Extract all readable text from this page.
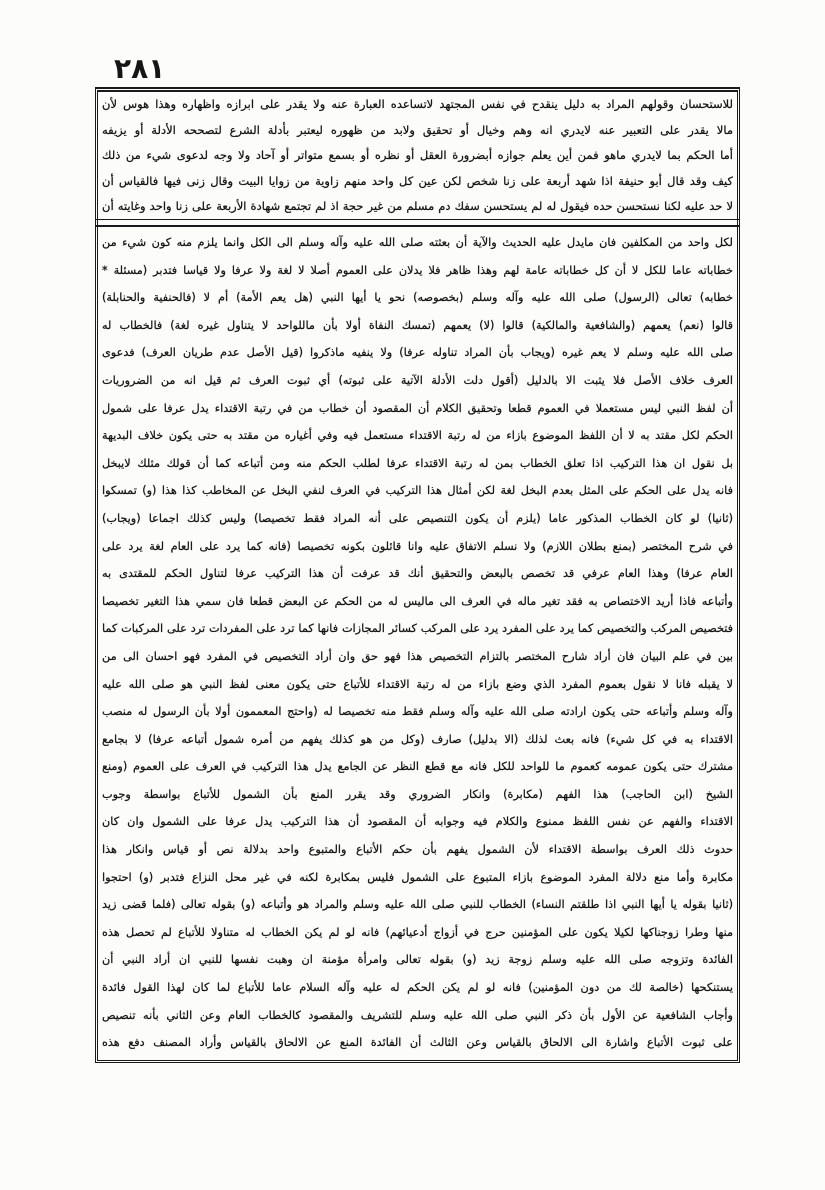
٢٨١
للاستحسان وقولهم المراد به دليل ينقدح في نفس المجتهد لاتساعده العبارة عنه ولا يقدر على ابرازه واظهاره وهذا هوس لأن
مالا يقدر على التعبير عنه لايدري انه وهم وخيال أو تحقيق ولابد من ظهوره ليعتبر بأدلة الشرع لتصححه الأدلة أو يزيفه
أما الحكم بما لايدري ماهو فمن أين يعلم جوازه أبضرورة العقل أو نظره أو بسمع متواتر أو آحاد ولا وجه لدعوى شيء من ذلك
كيف وقد قال أبو حنيفة اذا شهد أربعة على زنا شخص لكن عين كل واحد منهم زاوية من زوايا البيت وقال زنى فيها فالقياس أن
لا حد عليه لكنا نستحسن حده فيقول له لم يستحسن سفك دم مسلم من غير حجة اذ لم تجتمع شهادة الأربعة على زنا واحد وغايته أن
لكل واحد من المكلفين فان مايدل عليه الحديث والآية أن بعثته صلى الله عليه وآله وسلم الى الكل وانما يلزم منه كون شيء من
خطاباته عاما للكل لا أن كل خطاباته عامة لهم وهذا ظاهر فلا يدلان على العموم أصلا لا لغة ولا عرفا ولا قياسا فتدبر (مسئلة *
خطابه) تعالى (الرسول) صلى الله عليه وآله وسلم (بخصوصه) نحو يا أيها النبي (هل يعم الأمة) أم لا (فالحنفية والحنابلة)
قالوا (نعم) يعمهم (والشافعية والمالكية) قالوا (لا) يعمهم (تمسك النفاة أولا بأن ماللواحد لا يتناول غيره لغة) فالخطاب له
صلى الله عليه وسلم لا يعم غيره (ويجاب بأن المراد تناوله عرفا) ولا ينفيه ماذكروا (قيل الأصل عدم طريان العرف) فدعوى
العرف خلاف الأصل فلا يثبت الا بالدليل (أقول دلت الأدلة الآتية على ثبوته) أي ثبوت العرف ثم قيل انه من الضروريات
أن لفظ النبي ليس مستعملا في العموم قطعا وتحقيق الكلام أن المقصود أن خطاب من في رتبة الاقتداء يدل عرفا على شمول
الحكم لكل مقتد به لا أن اللفظ الموضوع بازاء من له رتبة الاقتداء مستعمل فيه وفي أغياره من مقتد به حتى يكون خلاف البديهة
بل نقول ان هذا التركيب اذا تعلق الخطاب بمن له رتبة الاقتداء عرفا لطلب الحكم منه ومن أتباعه كما أن قولك مثلك لايبخل
فانه يدل على الحكم على المثل بعدم البخل لغة لكن أمثال هذا التركيب في العرف لنفي البخل عن المخاطب كذا هذا (و) تمسكوا
(ثانيا) لو كان الخطاب المذكور عاما (يلزم أن يكون التنصيص على أنه المراد فقط تخصيصا) وليس كذلك اجماعا (ويجاب)
في شرح المختصر (بمنع بطلان اللازم) ولا نسلم الاتفاق عليه وانا قائلون بكونه تخصيصا (فانه كما يرد على العام لغة يرد على
العام عرفا) وهذا العام عرفي قد تخصص بالبعض والتحقيق أنك قد عرفت أن هذا التركيب عرفا لتناول الحكم للمقتدى به
وأتباعه فاذا أريد الاختصاص به فقد تغير ماله في العرف الى ماليس له من الحكم عن البعض قطعا فان سمي هذا التغير تخصيصا
فتخصيص المركب والتخصيص كما يرد على المفرد يرد على المركب كسائر المجازات فانها كما ترد على المفردات ترد على المركبات كما
بين في علم البيان فان أراد شارح المختصر بالتزام التخصيص هذا فهو حق وان أراد التخصيص في المفرد فهو احسان الى من
لا يقبله فانا لا نقول بعموم المفرد الذي وضع بازاء من له رتبة الاقتداء للأتباع حتى يكون معنى لفظ النبي هو صلى الله عليه
وآله وسلم وأتباعه حتى يكون ارادته صلى الله عليه وآله وسلم فقط منه تخصيصا له (واحتج المعممون أولا بأن الرسول له منصب
الاقتداء به في كل شيء) فانه بعث لذلك (الا بدليل) صارف (وكل من هو كذلك يفهم من أمره شمول أتباعه عرفا) لا بجامع
مشترك حتى يكون عمومه كعموم ما للواحد للكل فانه مع قطع النظر عن الجامع يدل هذا التركيب في العرف على العموم (ومنع
الشيخ (ابن الحاجب) هذا الفهم (مكابرة) وانكار الضروري وقد يقرر المنع بأن الشمول للأتباع بواسطة وجوب
الاقتداء والفهم عن نفس اللفظ ممنوع والكلام فيه وجوابه أن المقصود أن هذا التركيب يدل عرفا على الشمول وان كان
حدوث ذلك العرف بواسطة الاقتداء لأن الشمول يفهم بأن حكم الأتباع والمتبوع واحد بدلالة نص أو قياس وانكار هذا
مكابرة وأما منع دلالة المفرد الموضوع بازاء المتبوع على الشمول فليس بمكابرة لكنه في غير محل النزاع فتدبر (و) احتجوا
(ثانيا بقوله يا أيها النبي اذا طلقتم النساء) الخطاب للنبي صلى الله عليه وسلم والمراد هو وأتباعه (و) بقوله تعالى (فلما قضى زيد
منها وطرا زوجناكها لكيلا يكون على المؤمنين حرج في أزواج أدعيائهم) فانه لو لم يكن الخطاب له متناولا للأتباع لم تحصل هذه
الفائدة وتزوجه صلى الله عليه وسلم زوجة زيد (و) بقوله تعالى وامرأة مؤمنة ان وهبت نفسها للنبي ان أراد النبي أن
يستنكحها (خالصة لك من دون المؤمنين) فانه لو لم يكن الحكم له عليه وآله السلام عاما للأتباع لما كان لهذا القول فائدة
وأجاب الشافعية عن الأول بأن ذكر النبي صلى الله عليه وسلم للتشريف والمقصود كالخطاب العام وعن الثاني بأنه تنصيص
على ثبوت الأتباع واشارة الى الالحاق بالقياس وعن الثالث أن الفائدة المنع عن الالحاق بالقياس وأراد المصنف دفع هذه
